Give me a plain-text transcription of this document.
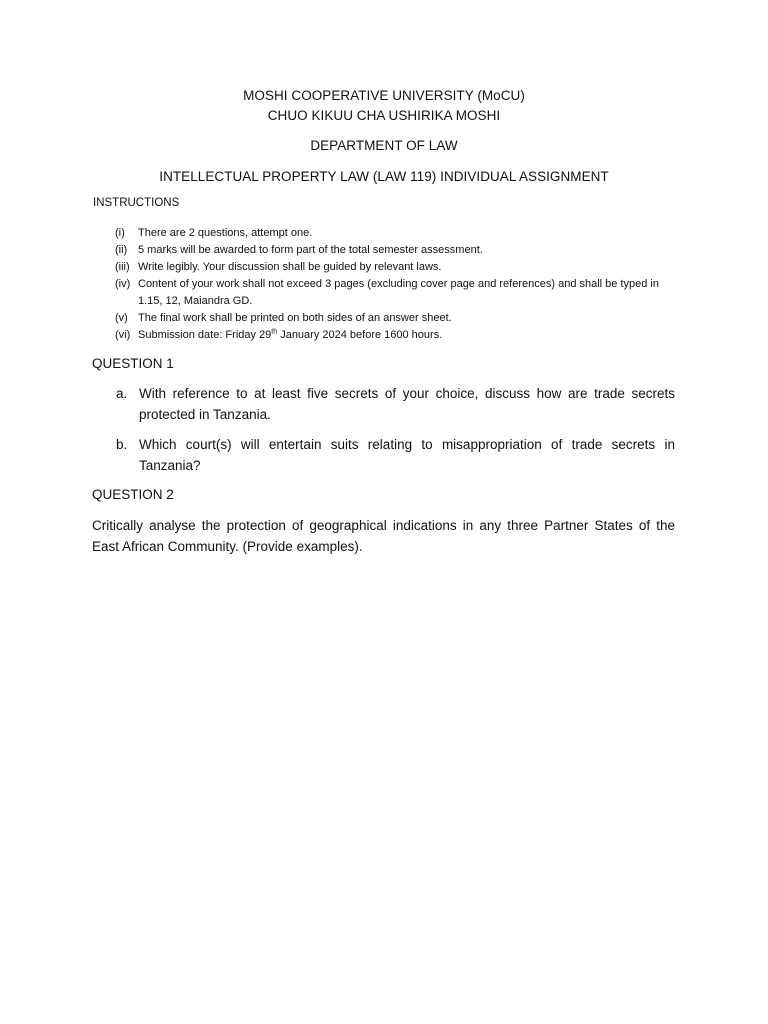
MOSHI COOPERATIVE UNIVERSITY (MoCU)
CHUO KIKUU CHA USHIRIKA MOSHI
DEPARTMENT OF LAW
INTELLECTUAL PROPERTY LAW (LAW 119) INDIVIDUAL ASSIGNMENT
INSTRUCTIONS
(i)	There are 2 questions, attempt one.
(ii) 5 marks will be awarded to form part of the total semester assessment.
(iii) Write legibly. Your discussion shall be guided by relevant laws.
(iv) Content of your work shall not exceed 3 pages (excluding cover page and references) and shall be typed in 1.15, 12, Maiandra GD.
(v) The final work shall be printed on both sides of an answer sheet.
(vi) Submission date: Friday 29th January 2024 before 1600 hours.
QUESTION 1
a. With reference to at least five secrets of your choice, discuss how are trade secrets protected in Tanzania.
b. Which court(s) will entertain suits relating to misappropriation of trade secrets in Tanzania?
QUESTION 2
Critically analyse the protection of geographical indications in any three Partner States of the East African Community. (Provide examples).
